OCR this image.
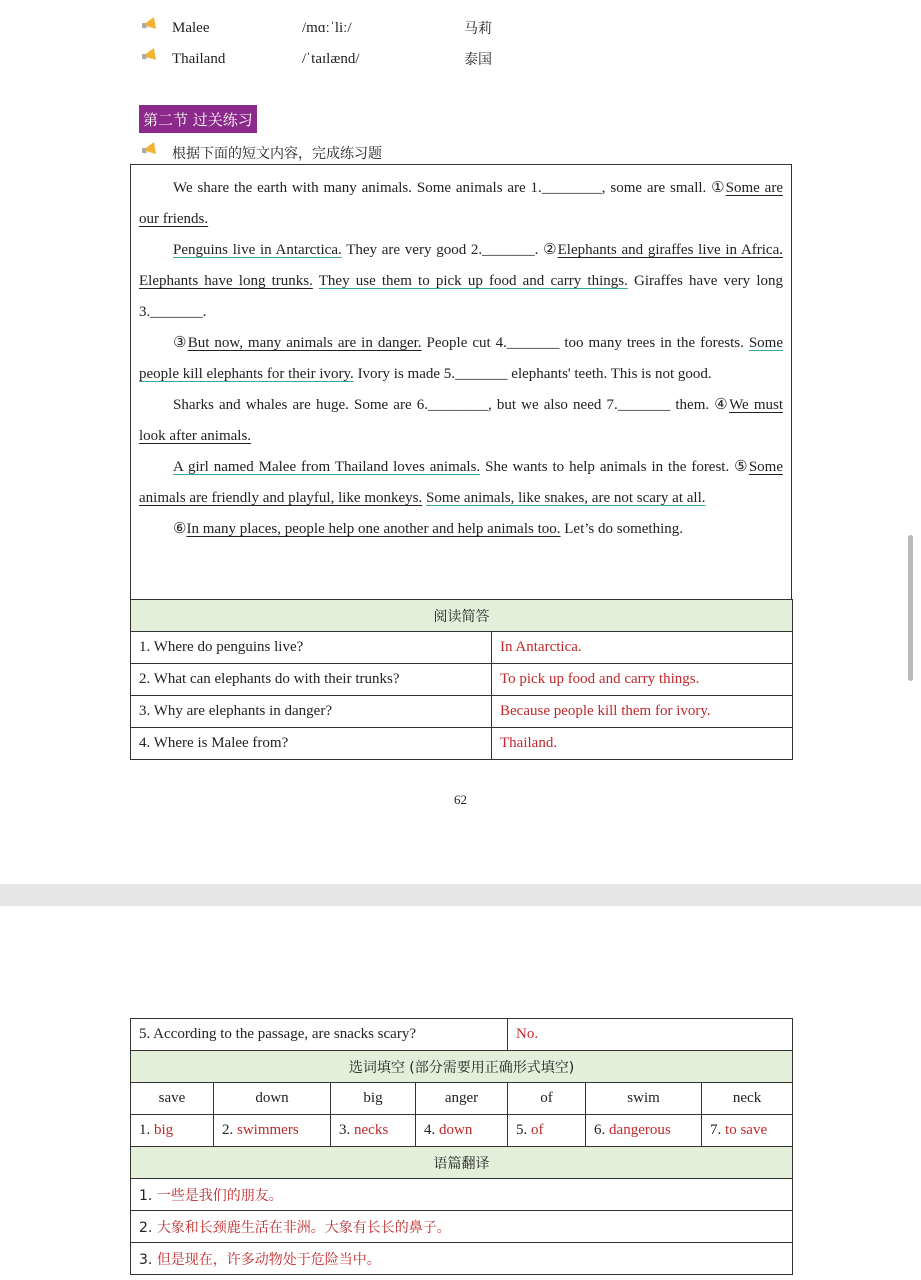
Malee	/mɑːˈliː/	马莉
Thailand	/ˈtaɪlænd/	泰国
第二节 过关练习
根据下面的短文内容，完成练习题

We share the earth with many animals. Some animals are 1.________, some are small. ①Some are our friends.

Penguins live in Antarctica. They are very good 2._______. ②Elephants and giraffes live in Africa. Elephants have long trunks. They use them to pick up food and carry things. Giraffes have very long 3._______.

③But now, many animals are in danger. People cut 4._______ too many trees in the forests. Some people kill elephants for their ivory. Ivory is made 5._______ elephants' teeth. This is not good.

Sharks and whales are huge. Some are 6.________, but we also need 7._______ them. ④We must look after animals.

A girl named Malee from Thailand loves animals. She wants to help animals in the forest. ⑤Some animals are friendly and playful, like monkeys. Some animals, like snakes, are not scary at all.

⑥In many places, people help one another and help animals too. Let’s do something.

阅读简答	
1. Where do penguins live?	In Antarctica.
2. What can elephants do with their trunks?	To pick up food and carry things.
3. Why are elephants in danger?	Because people kill them for ivory.
4. Where is Malee from?	Thailand.
62
5. According to the passage, are snacks scary?				No.		
选词填空 (部分需要用正确形式填空)						
save	down	big	anger	of	swim	neck
1. big	2. swimmers	3. necks	4. down	5. of	6. dangerous	7. to save
语篇翻译						
1. 一些是我们的朋友。						
2. 大象和长颈鹿生活在非洲。大象有长长的鼻子。						
3. 但是现在，许多动物处于危险当中。						
